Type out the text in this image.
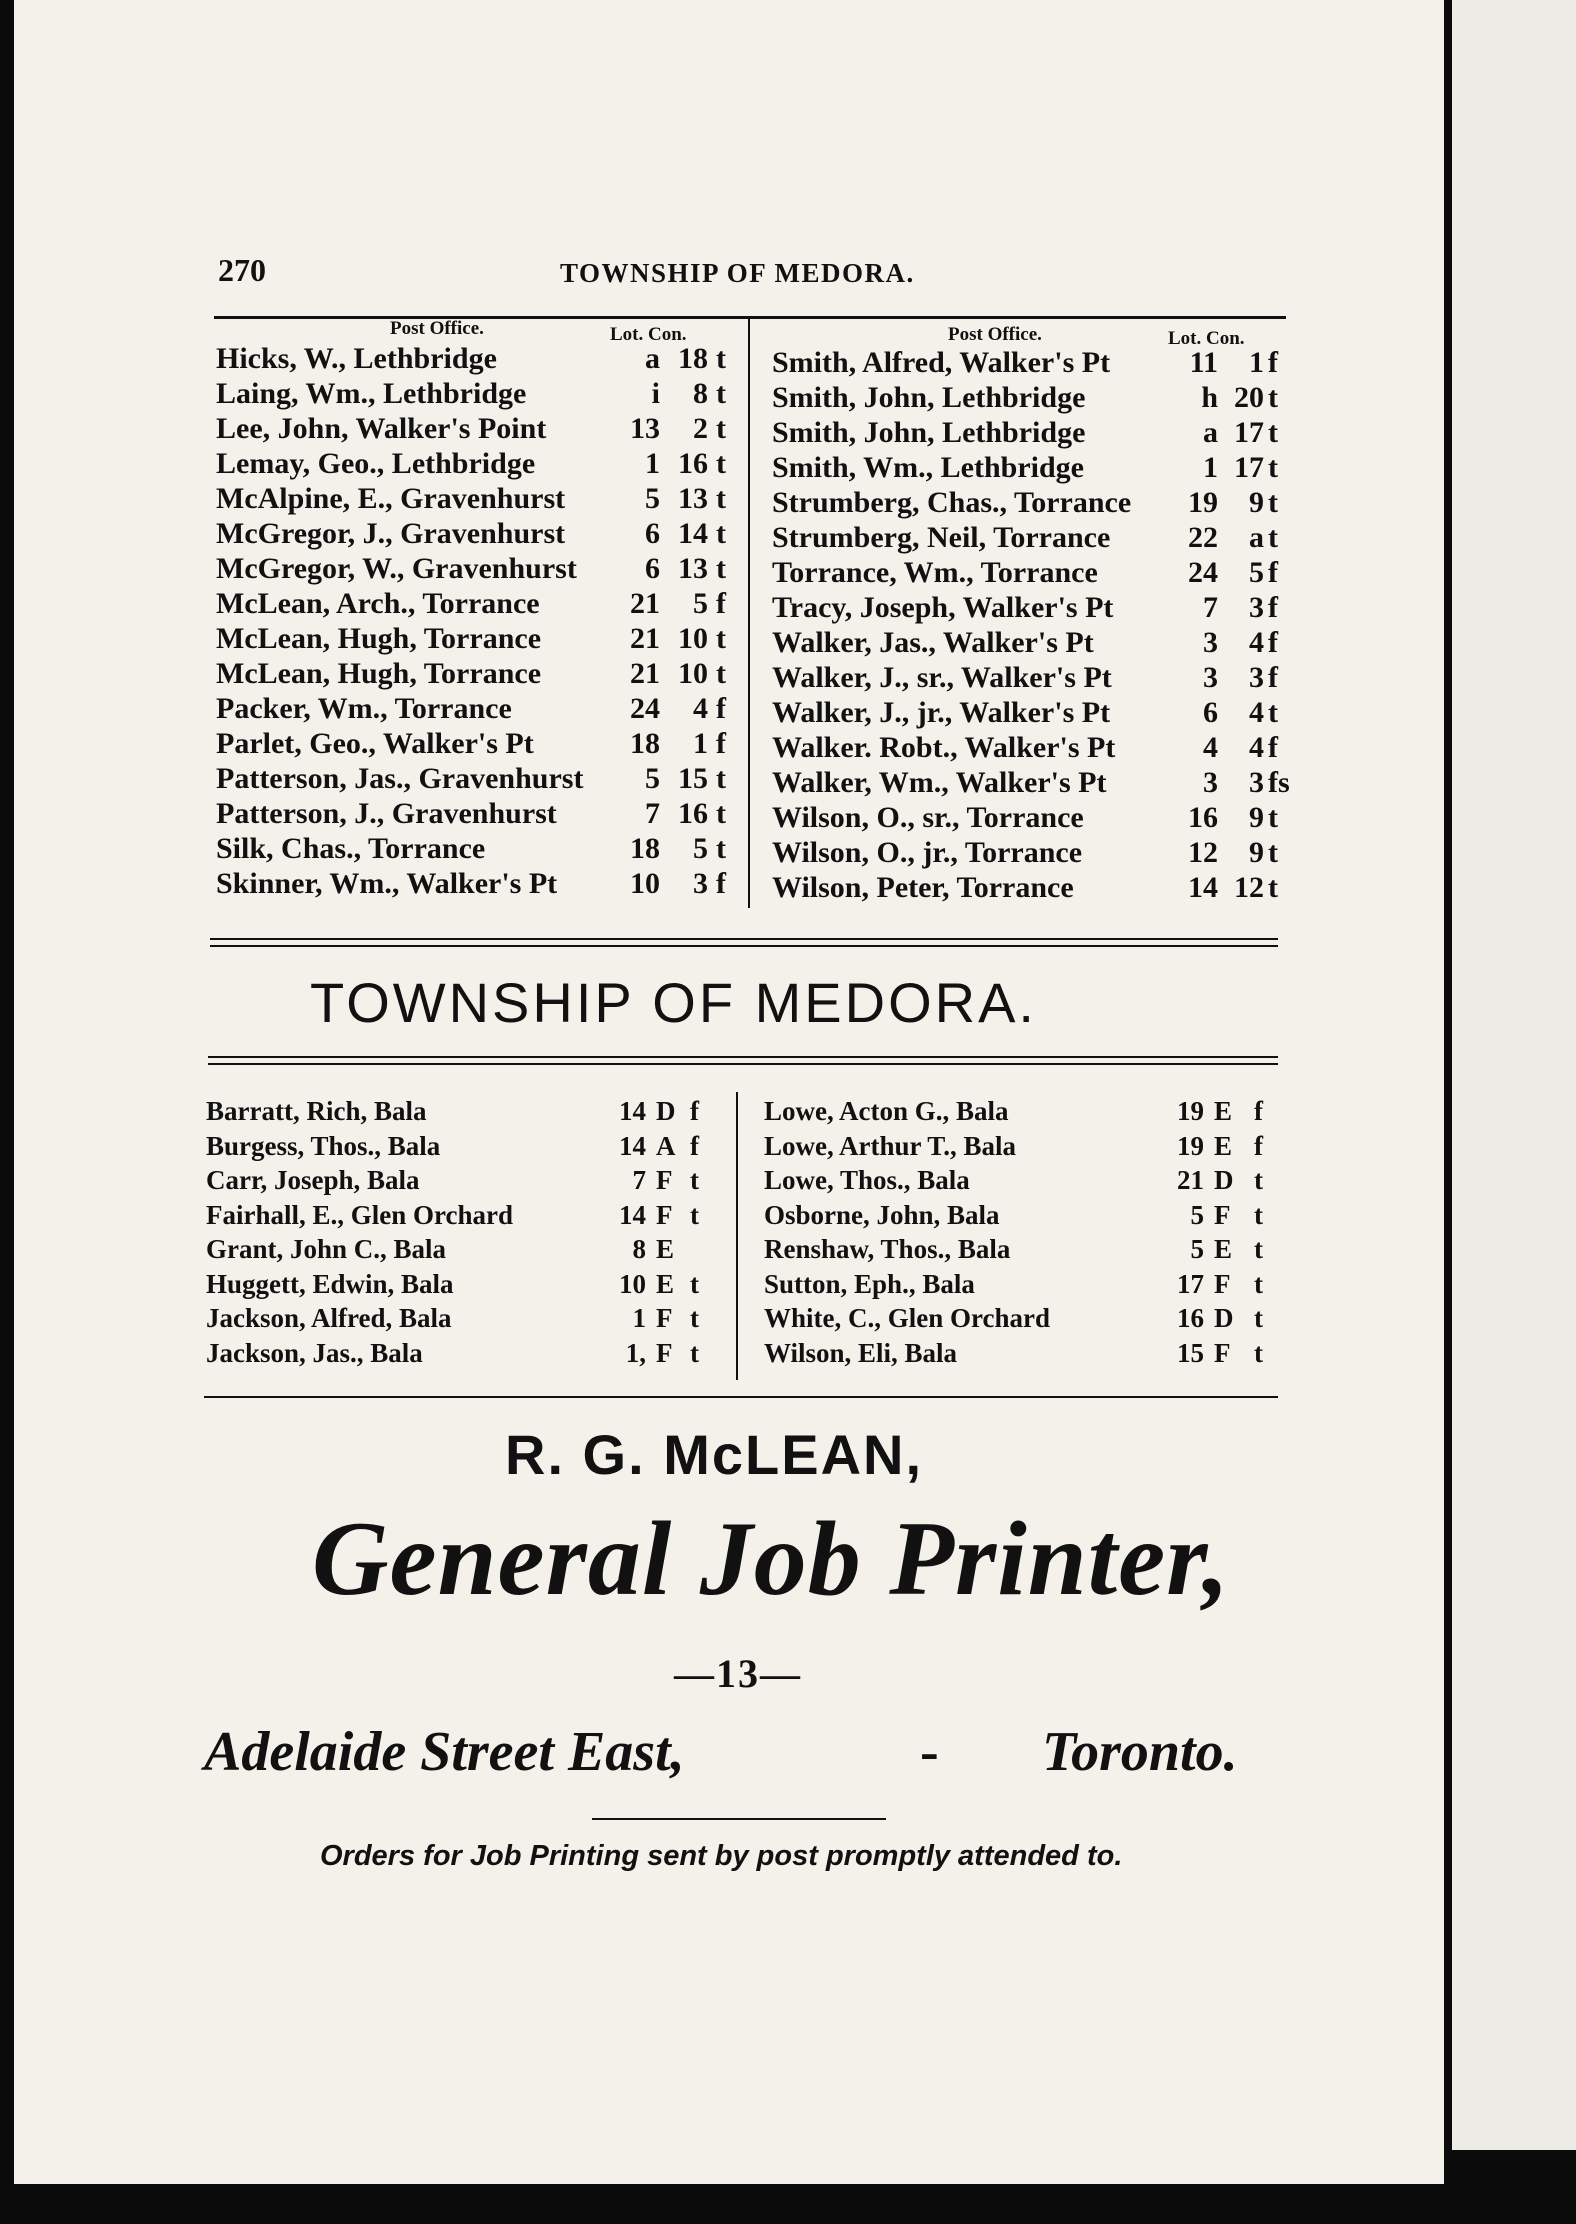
270	TOWNSHIP OF MEDORA.
Post Office.	Lot. Con.	Post Office.	Lot. Con.
Hicks, W., Lethbridge	a 18 t
Laing, Wm., Lethbridge	i	8 t
Lee, John, Walker's Point	13	2 t
Lemay, Geo., Lethbridge	1 16 t
McAlpine, E., Gravenhurst	5 13 t
McGregor, J., Gravenhurst	6 14 t
McGregor, W., Gravenhurst	6 13 t
McLean, Arch., Torrance	21	5 f
McLean, Hugh, Torrance	21 10 t
McLean, Hugh, Torrance	21 10 t
Packer, Wm., Torrance	24	4 f
Parlet, Geo., Walker's Pt	18	1 f
Patterson, Jas., Gravenhurst	5 15 t
Patterson, J., Gravenhurst	7 16 t
Silk, Chas., Torrance	18	5 t
Skinner, Wm., Walker's Pt	10	3 f
Smith, Alfred, Walker's Pt	11	1 f
Smith, John, Lethbridge	h 20 t
Smith, John, Lethbridge	a 17 t
Smith, Wm., Lethbridge	1 17 t
Strumberg, Chas., Torrance	19	9 t
Strumberg, Neil, Torrance	22	a t
Torrance, Wm., Torrance	24	5 f
Tracy, Joseph, Walker's Pt	7	3 f
Walker, Jas., Walker's Pt	3	4 f
Walker, J., sr., Walker's Pt	3	3 f
Walker, J., jr., Walker's Pt	6	4 t
Walker. Robt., Walker's Pt	4	4 f
Walker, Wm., Walker's Pt	3	3 fs
Wilson, O., sr., Torrance	16	9 t
Wilson, O., jr., Torrance	12	9 t
Wilson, Peter, Torrance	14 12 t
TOWNSHIP OF MEDORA.
Barratt, Rich, Bala	14 D f
Burgess, Thos., Bala	14 A f
Carr, Joseph, Bala	7 F t
Fairhall, E., Glen Orchard	14 F t
Grant, John C., Bala	8 E
Huggett, Edwin, Bala	10 E t
Jackson, Alfred, Bala	1 F t
Jackson, Jas., Bala	1, F t
Lowe, Acton G., Bala	19 E f
Lowe, Arthur T., Bala	19 E f
Lowe, Thos., Bala	21 D t
Osborne, John, Bala	5 F t
Renshaw, Thos., Bala	5 E t
Sutton, Eph., Bala	17 F t
White, C., Glen Orchard	16 D t
Wilson, Eli, Bala	15 F t
R. G. McLEAN,
General Job Printer,
—13—
Adelaide Street East,	- Toronto.
Orders for Job Printing sent by post promptly attended to.
